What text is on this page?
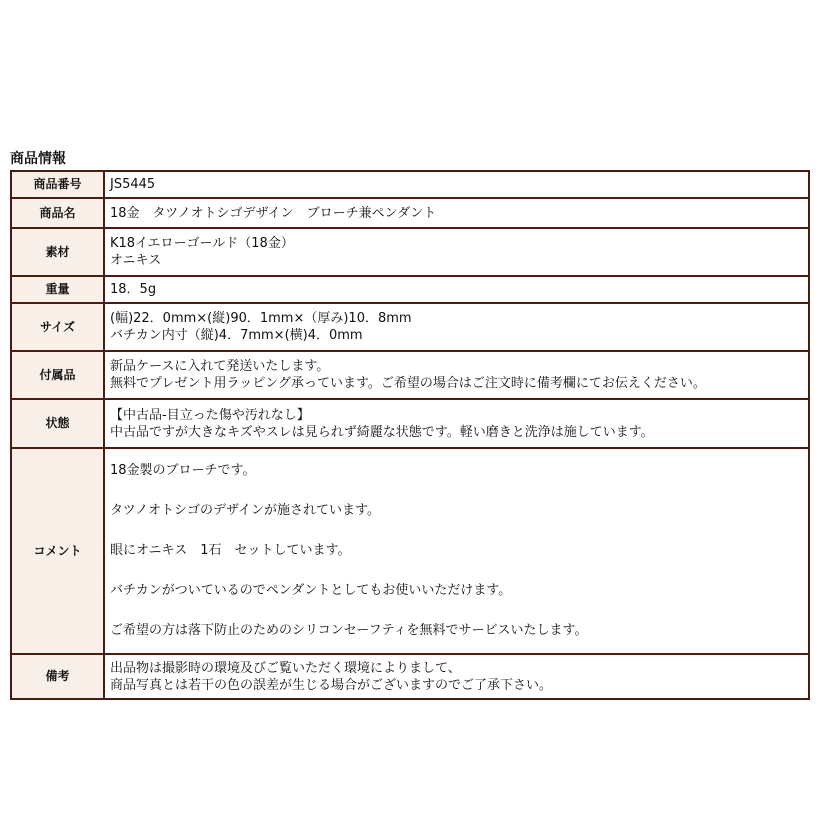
商品情報
商品番号	JS5445

商品名	18金　タツノオトシゴデザイン　ブローチ兼ペンダント

素材	K18イエローゴールド（18金）
オニキス

重量	18．5g

サイズ	(幅)22．0mm×(縦)90．1mm×（厚み)10．8mm
バチカン内寸（縦)4．7mm×(横)4．0mm

付属品	新品ケースに入れて発送いたします。
無料でプレゼント用ラッピング承っています。ご希望の場合はご注文時に備考欄にてお伝えください。

状態	【中古品-目立った傷や汚れなし】
中古品ですが大きなキズやスレは見られず綺麗な状態です。軽い磨きと洗浄は施しています。

コメント	18金製のブローチです。

タツノオトシゴのデザインが施されています。

眼にオニキス　1石　セットしています。

バチカンがついているのでペンダントとしてもお使いいただけます。

ご希望の方は落下防止のためのシリコンセーフティを無料でサービスいたします。

備考	出品物は撮影時の環境及びご覧いただく環境によりまして、
商品写真とは若干の色の誤差が生じる場合がございますのでご了承下さい。
